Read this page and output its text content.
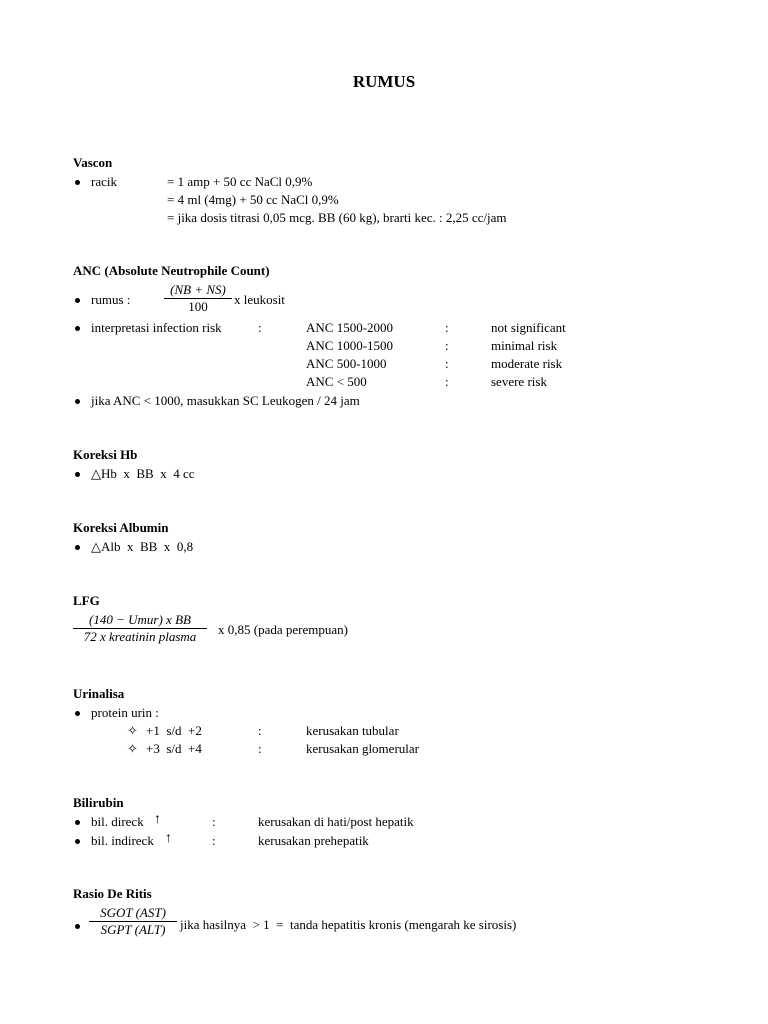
RUMUS
Vascon
racik	= 1 amp + 50 cc NaCl 0,9%
= 4 ml (4mg) + 50 cc NaCl 0,9%
= jika dosis titrasi 0,05 mcg. BB (60 kg), brarti kec. : 2,25 cc/jam
ANC (Absolute Neutrophile Count)
rumus :
(NB + NS)
100	x leukosit
interpretasi infection risk	:	ANC 1500-2000	:	not significant
ANC 1000-1500	:	minimal risk
ANC 500-1000	:	moderate risk
ANC < 500	:	severe risk
jika ANC < 1000, masukkan SC Leukogen / 24 jam
Koreksi Hb
△Hb  x  BB  x  4 cc
Koreksi Albumin
△Alb  x  BB  x  0,8
LFG
(140 − Umur) x BB
72 x kreatinin plasma	x 0,85 (pada perempuan)
Urinalisa
protein urin :
✧ +1  s/d  +2	:	kerusakan tubular
✧ +3  s/d  +4	:	kerusakan glomerular
Bilirubin
bil. direck ↑	:	kerusakan di hati/post hepatik
bil. indireck ↑	:	kerusakan prehepatik
Rasio De Ritis
SGOT (AST)
SGPT (ALT)	jika hasilnya  > 1  =  tanda hepatitis kronis (mengarah ke sirosis)
